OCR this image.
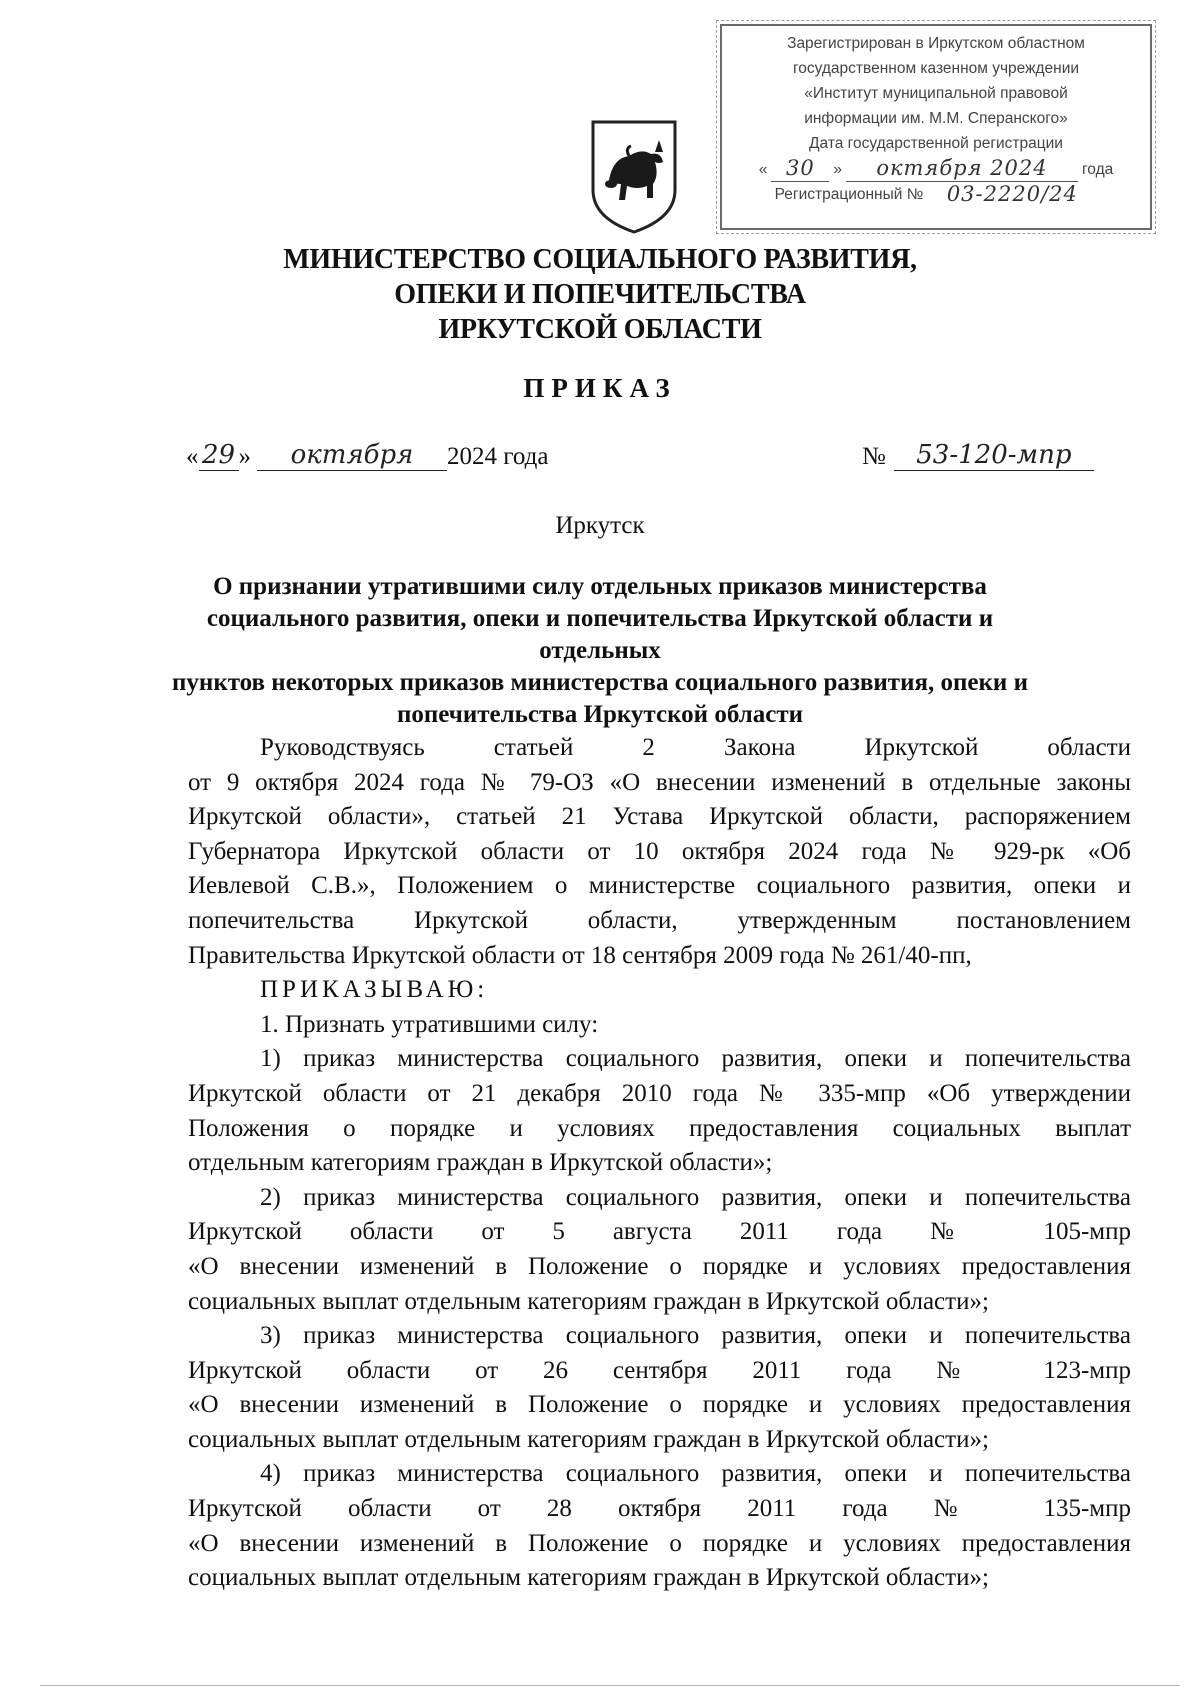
Зарегистрирован в Иркутском областном
государственном казенном учреждении
«Институт муниципальной правовой
информации им. М.М. Сперанского»
Дата государственной регистрации
« 30	»	октября 2024	года
Регистрационный №	03-2220/24
МИНИСТЕРСТВО СОЦИАЛЬНОГО РАЗВИТИЯ,
ОПЕКИ И ПОПЕЧИТЕЛЬСТВА
ИРКУТСКОЙ ОБЛАСТИ
ПРИКАЗ
« 29 »	октября	2024 года	№	53-120-мпр
Иркутск
О признании утратившими силу отдельных приказов министерства
социального развития, опеки и попечительства Иркутской области и отдельных
пунктов некоторых приказов министерства социального развития, опеки и
попечительства Иркутской области
Руководствуясь статьей 2 Закона Иркутской области
от 9 октября 2024 года № 79-ОЗ «О внесении изменений в отдельные законы
Иркутской области», статьей 21 Устава Иркутской области, распоряжением
Губернатора Иркутской области от 10 октября 2024 года № 929-рк «Об
Иевлевой С.В.», Положением о министерстве социального развития, опеки и
попечительства Иркутской области, утвержденным постановлением
Правительства Иркутской области от 18 сентября 2009 года № 261/40-пп,
ПРИКАЗЫВАЮ:
1. Признать утратившими силу:
1) приказ министерства социального развития, опеки и попечительства
Иркутской области от 21 декабря 2010 года № 335-мпр «Об утверждении
Положения о порядке и условиях предоставления социальных выплат
отдельным категориям граждан в Иркутской области»;
2) приказ министерства социального развития, опеки и попечительства
Иркутской области от 5 августа 2011 года № 105-мпр
«О внесении изменений в Положение о порядке и условиях предоставления
социальных выплат отдельным категориям граждан в Иркутской области»;
3) приказ министерства социального развития, опеки и попечительства
Иркутской области от 26 сентября 2011 года № 123-мпр
«О внесении изменений в Положение о порядке и условиях предоставления
социальных выплат отдельным категориям граждан в Иркутской области»;
4) приказ министерства социального развития, опеки и попечительства
Иркутской области от 28 октября 2011 года № 135-мпр
«О внесении изменений в Положение о порядке и условиях предоставления
социальных выплат отдельным категориям граждан в Иркутской области»;
